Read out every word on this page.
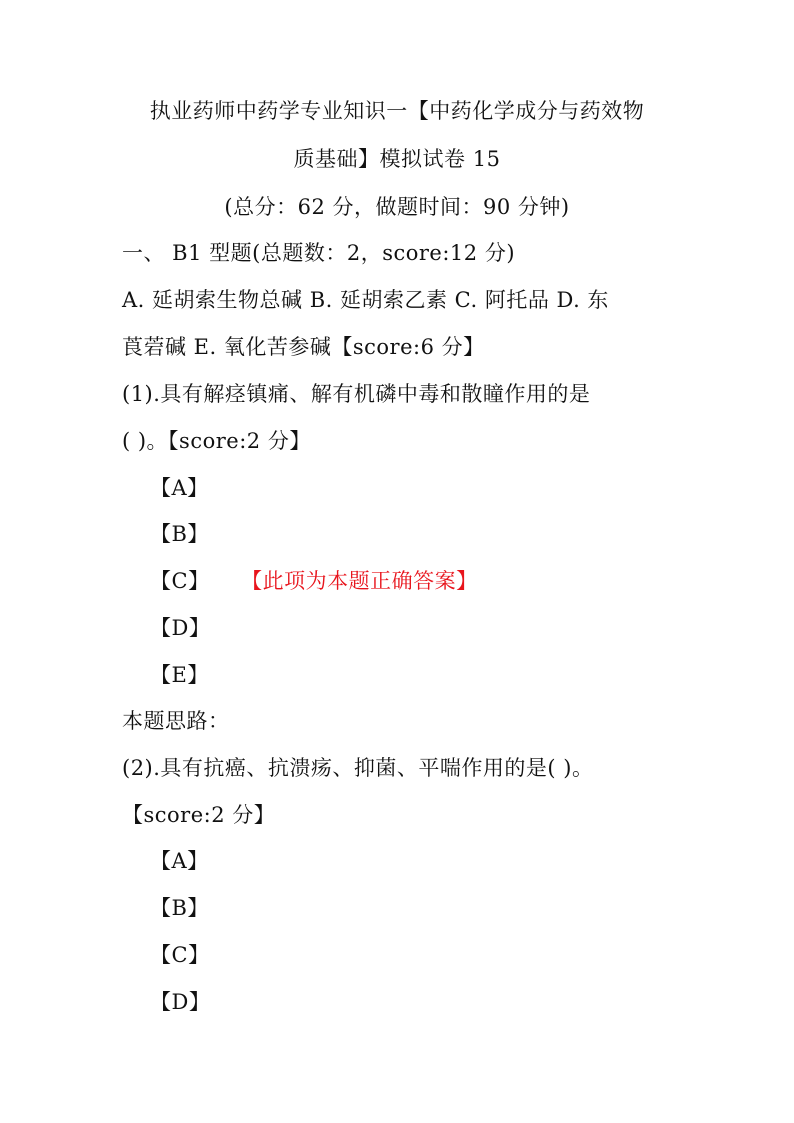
执业药师中药学专业知识一【中药化学成分与药效物
质基础】模拟试卷 15
(总分：62 分，做题时间：90 分钟)
一、 B1 型题(总题数：2，score:12 分)
A. 延胡索生物总碱 B. 延胡索乙素 C. 阿托品 D. 东
莨菪碱 E. 氧化苦参碱【score:6 分】
(1).具有解痉镇痛、解有机磷中毒和散瞳作用的是
( )。【score:2 分】
【A】
【B】
【C】 【此项为本题正确答案】
【D】
【E】
本题思路：
(2).具有抗癌、抗溃疡、抑菌、平喘作用的是( )。
【score:2 分】
【A】
【B】
【C】
【D】
